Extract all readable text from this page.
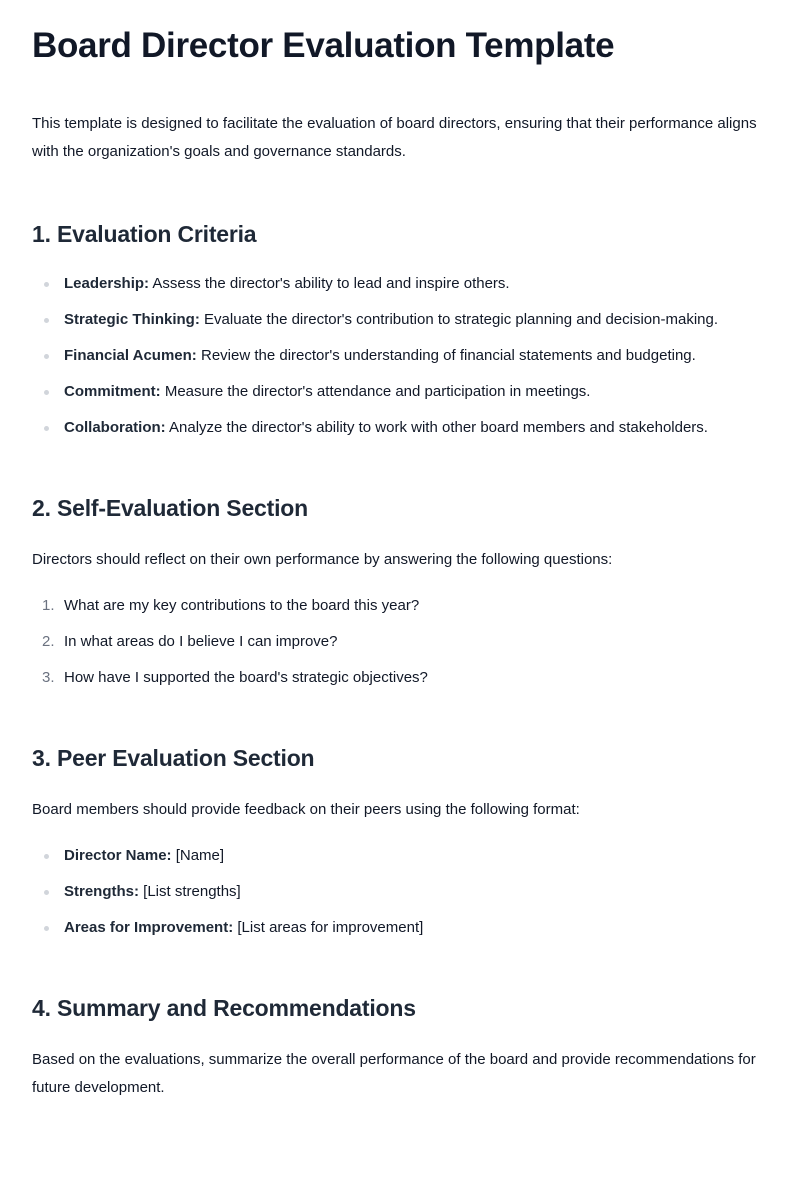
Board Director Evaluation Template

This template is designed to facilitate the evaluation of board directors, ensuring that their performance aligns with the organization's goals and governance standards.

1. Evaluation Criteria
Leadership: Assess the director's ability to lead and inspire others.
Strategic Thinking: Evaluate the director's contribution to strategic planning and decision-making.
Financial Acumen: Review the director's understanding of financial statements and budgeting.
Commitment: Measure the director's attendance and participation in meetings.
Collaboration: Analyze the director's ability to work with other board members and stakeholders.
2. Self-Evaluation Section

Directors should reflect on their own performance by answering the following questions:

1. What are my key contributions to the board this year?
2. In what areas do I believe I can improve?
3. How have I supported the board's strategic objectives?
3. Peer Evaluation Section

Board members should provide feedback on their peers using the following format:

Director Name: [Name]
Strengths: [List strengths]
Areas for Improvement: [List areas for improvement]
4. Summary and Recommendations

Based on the evaluations, summarize the overall performance of the board and provide recommendations for future development.
